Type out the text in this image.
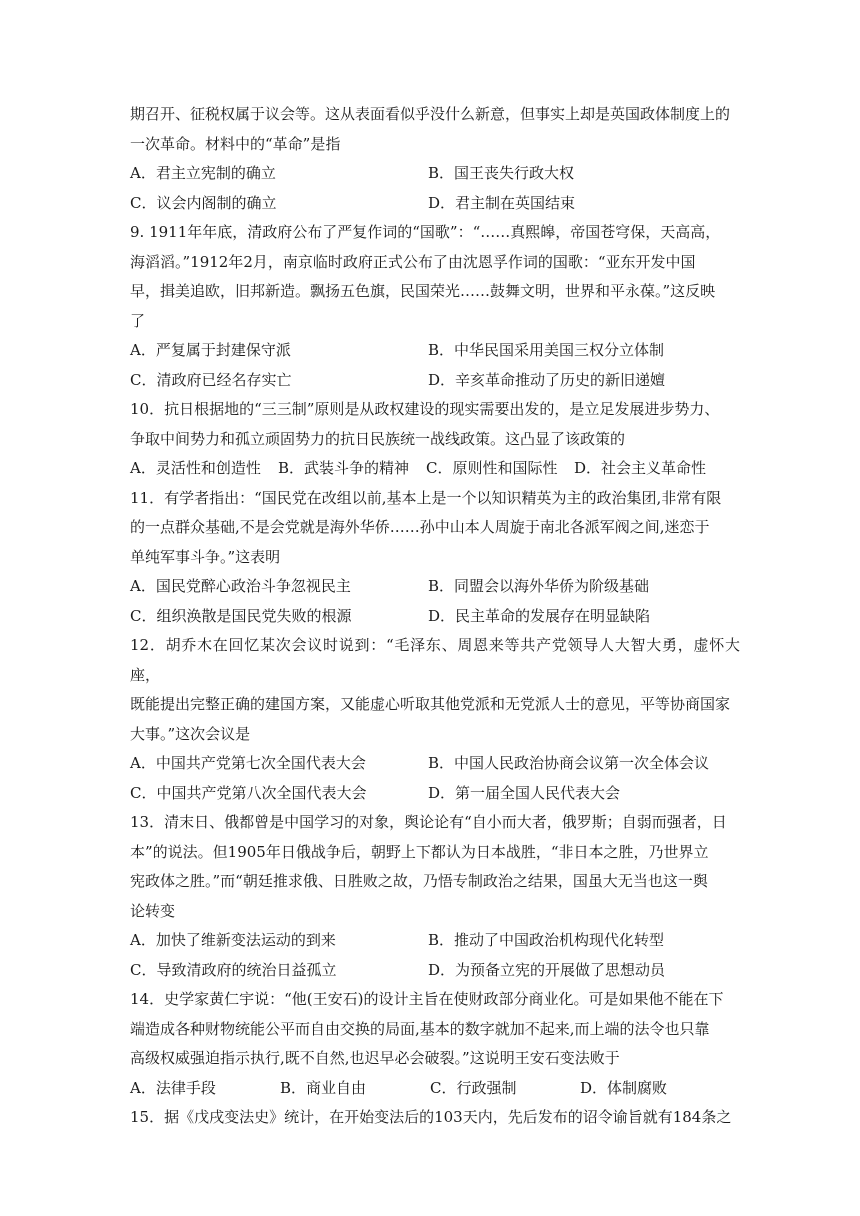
期召开、征税权属于议会等。这从表面看似乎没什么新意，但事实上却是英国政体制度上的

一次革命。材料中的“革命”是指

A．君主立宪制的确立	B．国王丧失行政大权
C．议会内阁制的确立	D．君主制在英国结束

9. 1911年年底，清政府公布了严复作词的“国歌”：“……真熙皞，帝国苍穹保，天高高，

海滔滔。”1912年2月，南京临时政府正式公布了由沈恩孚作词的国歌：“亚东开发中国

早，揖美追欧，旧邦新造。飘扬五色旗，民国荣光……鼓舞文明，世界和平永葆。”这反映

了

A．严复属于封建保守派	B．中华民国采用美国三权分立体制
C．清政府已经名存实亡	D．辛亥革命推动了历史的新旧递嬗

10．抗日根据地的“三三制”原则是从政权建设的现实需要出发的，是立足发展进步势力、

争取中间势力和孤立顽固势力的抗日民族统一战线政策。这凸显了该政策的

A．灵活性和创造性	B．武装斗争的精神	C．原则性和国际性	D．社会主义革命性

11．有学者指出：“国民党在改组以前,基本上是一个以知识精英为主的政治集团,非常有限

的一点群众基础,不是会党就是海外华侨……孙中山本人周旋于南北各派军阀之间,迷恋于

单纯军事斗争。”这表明

A．国民党醉心政治斗争忽视民主	B．同盟会以海外华侨为阶级基础
C．组织涣散是国民党失败的根源	D．民主革命的发展存在明显缺陷

12．胡乔木在回忆某次会议时说到：“毛泽东、周恩来等共产党领导人大智大勇，虚怀大座，

既能提出完整正确的建国方案，又能虚心听取其他党派和无党派人士的意见，平等协商国家

大事。”这次会议是

A．中国共产党第七次全国代表大会	B．中国人民政治协商会议第一次全体会议
C．中国共产党第八次全国代表大会	D．第一届全国人民代表大会

13．清末日、俄都曾是中国学习的对象，舆论论有“自小而大者，俄罗斯；自弱而强者，日

本”的说法。但1905年日俄战争后，朝野上下都认为日本战胜，“非日本之胜，乃世界立

宪政体之胜。”而“朝廷推求俄、日胜败之故，乃悟专制政治之结果，国虽大无当也这一舆

论转变

A．加快了维新变法运动的到来	B．推动了中国政治机构现代化转型
C．导致清政府的统治日益孤立	D．为预备立宪的开展做了思想动员

14．史学家黄仁宇说：“他(王安石)的设计主旨在使财政部分商业化。可是如果他不能在下

端造成各种财物统能公平而自由交换的局面,基本的数字就加不起来,而上端的法令也只靠

高级权威强迫指示执行,既不自然,也迟早必会破裂。”这说明王安石变法败于

A．法律手段	B．商业自由	C．行政强制	D．体制腐败

15．据《戊戌变法史》统计，在开始变法后的103天内，先后发布的诏令谕旨就有184条之
